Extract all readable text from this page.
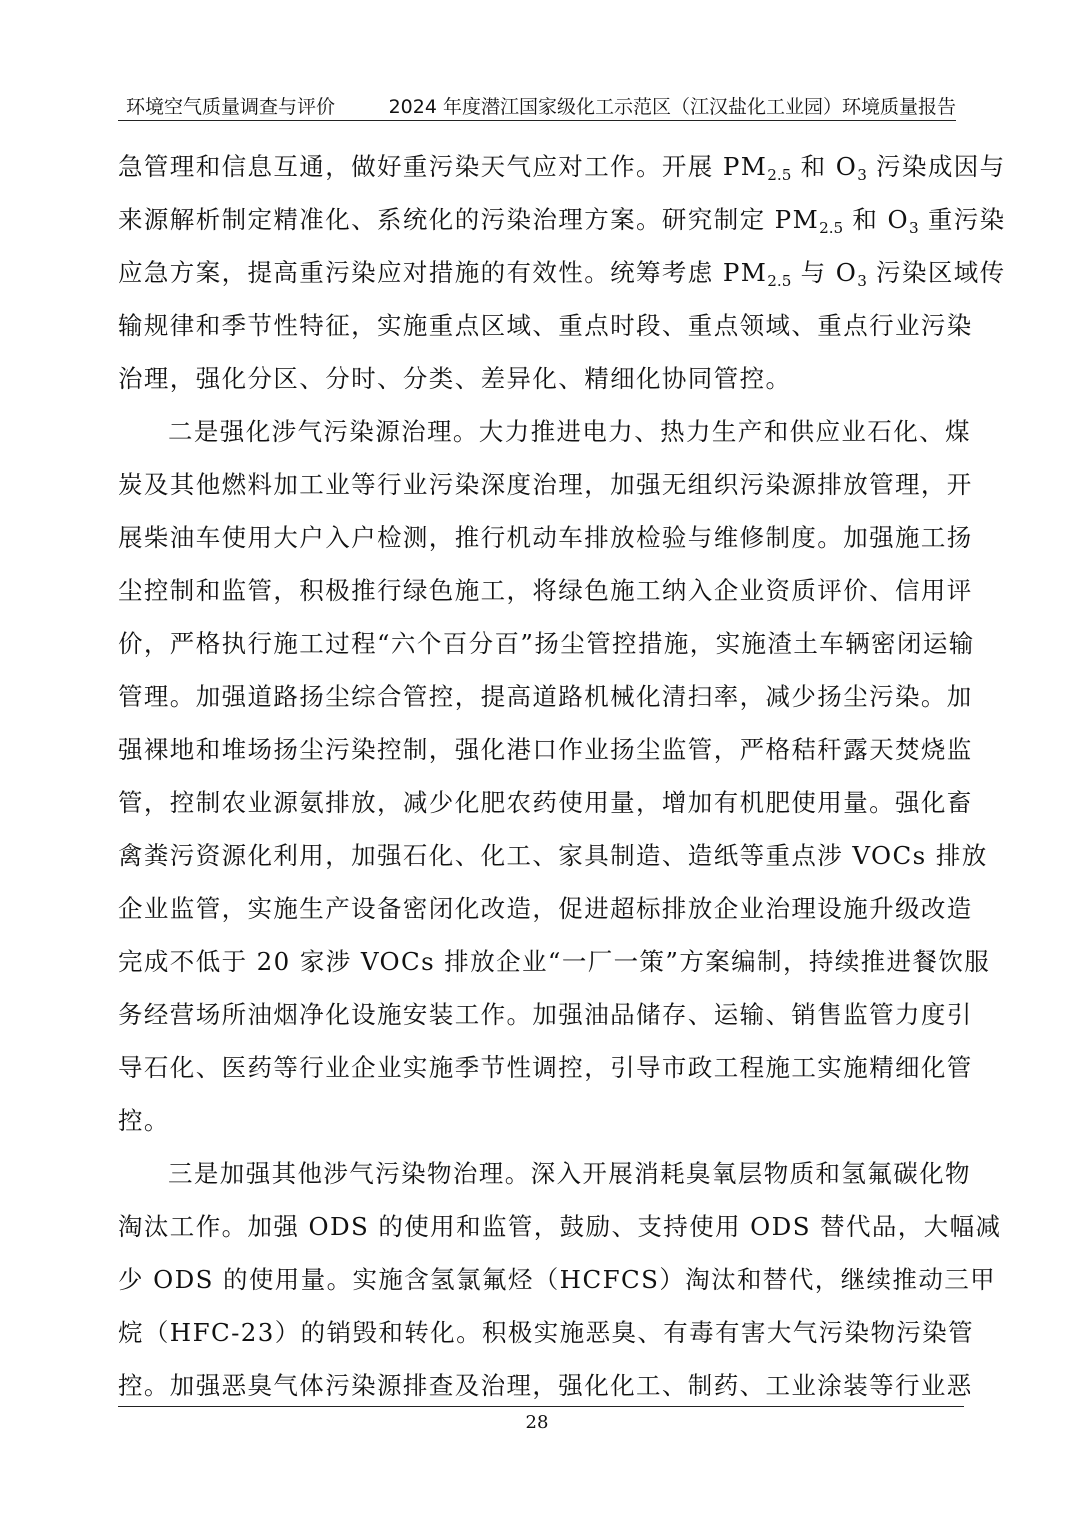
环境空气质量调查与评价	2024 年度潜江国家级化工示范区（江汉盐化工业园）环境质量报告
急管理和信息互通，做好重污染天气应对工作。开展 PM2.5 和 O3 污染成因与
来源解析制定精准化、系统化的污染治理方案。研究制定 PM2.5 和 O3 重污染
应急方案，提高重污染应对措施的有效性。统筹考虑 PM2.5 与 O3 污染区域传
输规律和季节性特征，实施重点区域、重点时段、重点领域、重点行业污染
治理，强化分区、分时、分类、差异化、精细化协同管控。
二是强化涉气污染源治理。大力推进电力、热力生产和供应业石化、煤
炭及其他燃料加工业等行业污染深度治理，加强无组织污染源排放管理，开
展柴油车使用大户入户检测，推行机动车排放检验与维修制度。加强施工扬
尘控制和监管，积极推行绿色施工，将绿色施工纳入企业资质评价、信用评
价，严格执行施工过程“六个百分百”扬尘管控措施，实施渣土车辆密闭运输
管理。加强道路扬尘综合管控，提高道路机械化清扫率，减少扬尘污染。加
强裸地和堆场扬尘污染控制，强化港口作业扬尘监管，严格秸秆露天焚烧监
管，控制农业源氨排放，减少化肥农药使用量，增加有机肥使用量。强化畜
禽粪污资源化利用，加强石化、化工、家具制造、造纸等重点涉 VOCs 排放
企业监管，实施生产设备密闭化改造，促进超标排放企业治理设施升级改造
完成不低于 20 家涉 VOCs 排放企业“一厂一策”方案编制，持续推进餐饮服
务经营场所油烟净化设施安装工作。加强油品储存、运输、销售监管力度引
导石化、医药等行业企业实施季节性调控，引导市政工程施工实施精细化管
控。
三是加强其他涉气污染物治理。深入开展消耗臭氧层物质和氢氟碳化物
淘汰工作。加强 ODS 的使用和监管，鼓励、支持使用 ODS 替代品，大幅减
少 ODS 的使用量。实施含氢氯氟烃（HCFCS）淘汰和替代，继续推动三甲
烷（HFC-23）的销毁和转化。积极实施恶臭、有毒有害大气污染物污染管
控。加强恶臭气体污染源排查及治理，强化化工、制药、工业涂装等行业恶
28
